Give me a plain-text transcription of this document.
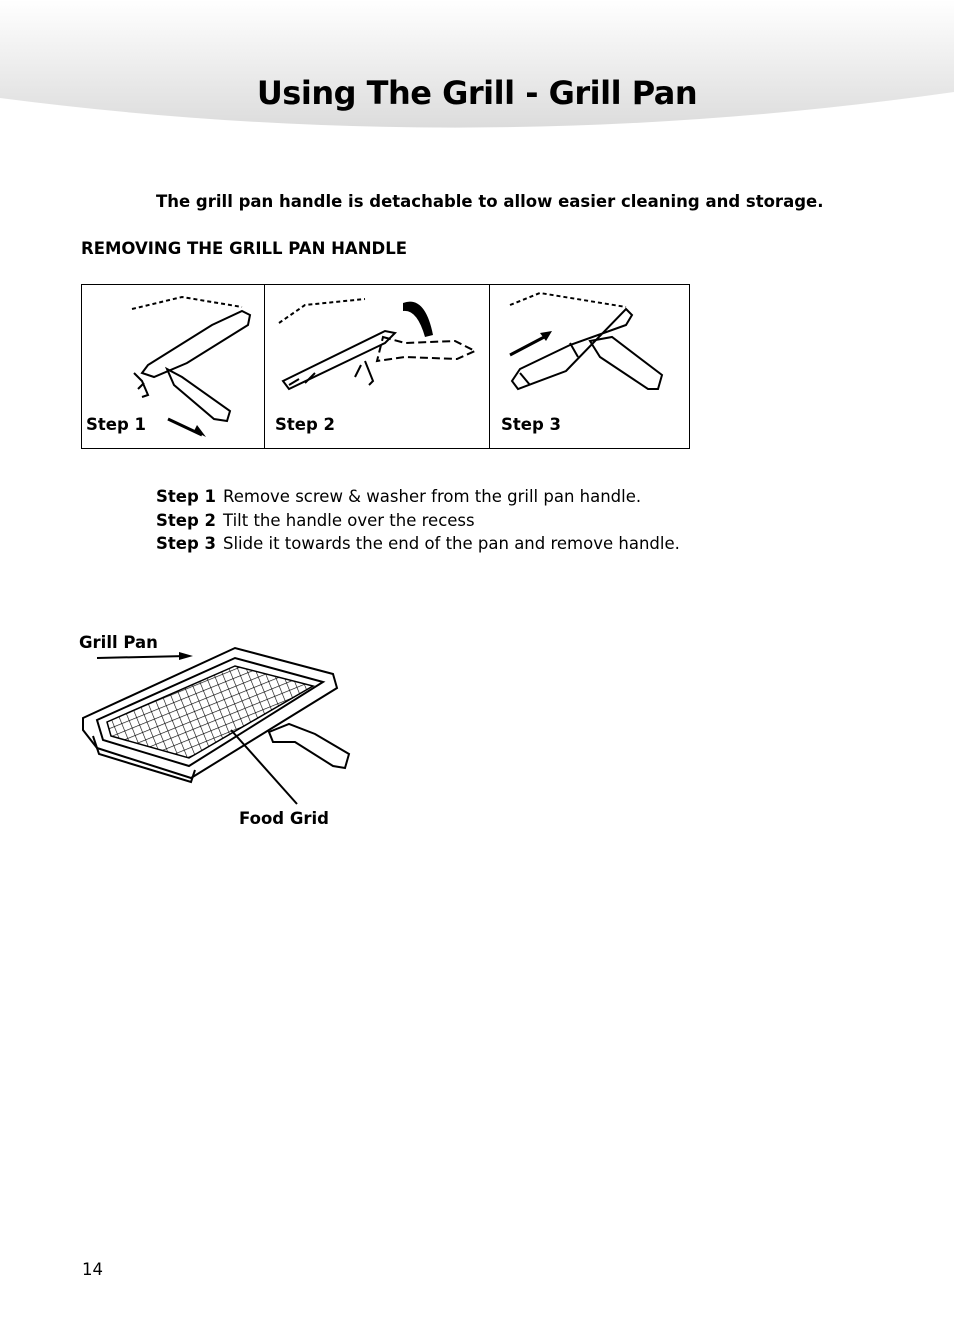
Using The Grill - Grill Pan
The grill pan handle is detachable to allow easier cleaning and storage.
REMOVING THE GRILL PAN HANDLE
Step 1	Step 2	Step 3
Step 1 Remove screw & washer from the grill pan handle.
Step 2 Tilt the handle over the recess
Step 3 Slide it towards the end of the pan and remove handle.
Grill Pan
Food Grid
14
